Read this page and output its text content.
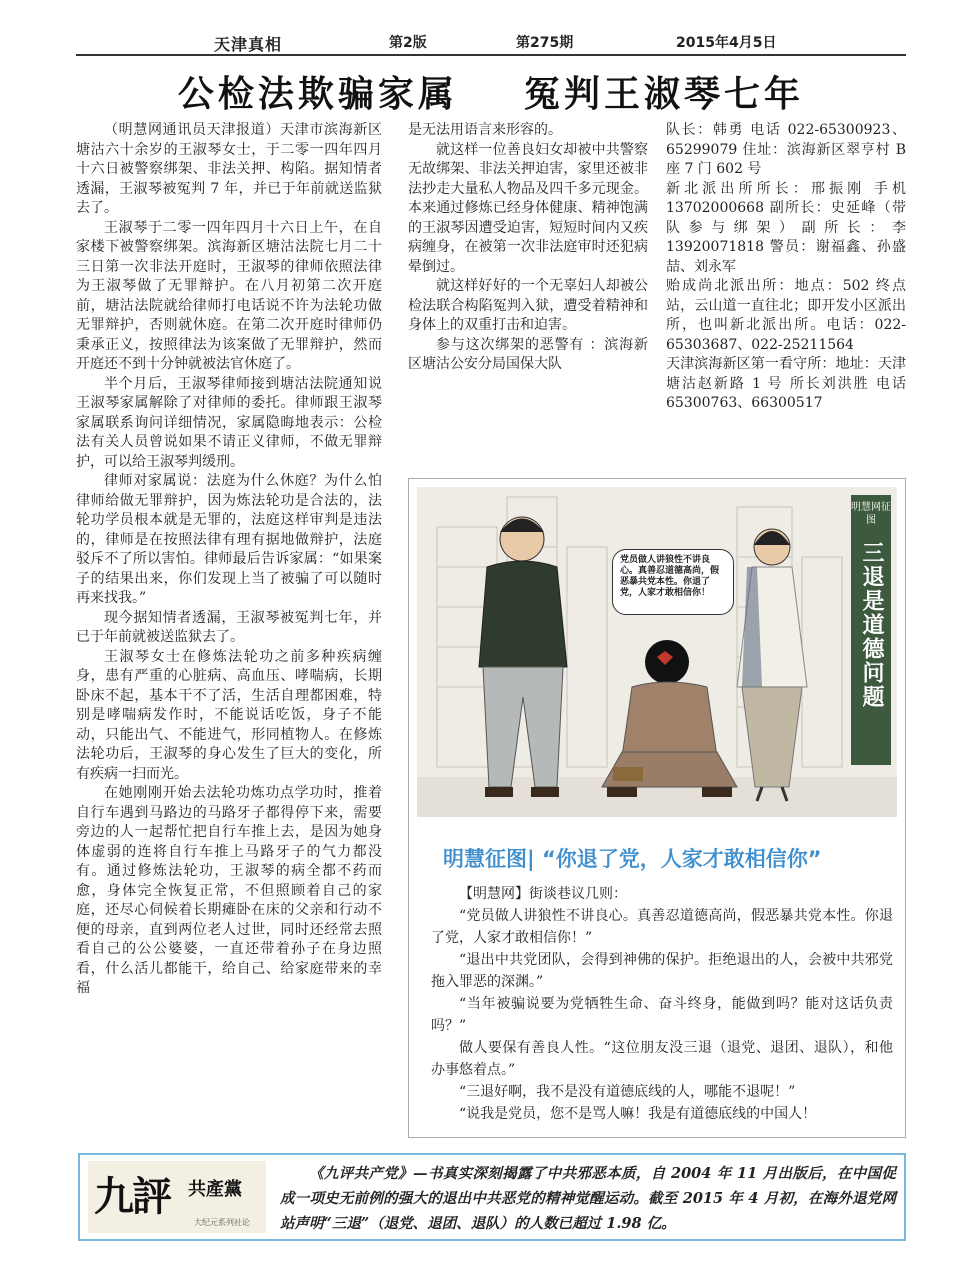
天津真相	第2版	第275期	2015年4月5日
公检法欺骗家属    冤判王淑琴七年

（明慧网通讯员天津报道）天津市滨海新区塘沽六十余岁的王淑琴女士，于二零一四年四月十六日被警察绑架、非法关押、构陷。据知情者透漏，王淑琴被冤判 7 年，并已于年前就送监狱去了。

王淑琴于二零一四年四月十六日上午，在自家楼下被警察绑架。滨海新区塘沽法院七月二十三日第一次非法开庭时，王淑琴的律师依照法律为王淑琴做了无罪辩护。在八月初第二次开庭前，塘沽法院就给律师打电话说不许为法轮功做无罪辩护，否则就休庭。在第二次开庭时律师仍秉承正义，按照律法为该案做了无罪辩护，然而开庭还不到十分钟就被法官休庭了。

半个月后，王淑琴律师接到塘沽法院通知说王淑琴家属解除了对律师的委托。律师跟王淑琴家属联系询问详细情况，家属隐晦地表示：公检法有关人员曾说如果不请正义律师，不做无罪辩护，可以给王淑琴判缓刑。

律师对家属说：法庭为什么休庭？为什么怕律师给做无罪辩护，因为炼法轮功是合法的，法轮功学员根本就是无罪的，法庭这样审判是违法的，律师是在按照法律有理有据地做辩护，法庭驳斥不了所以害怕。律师最后告诉家属：“如果案子的结果出来，你们发现上当了被骗了可以随时再来找我。”

现今据知情者透漏，王淑琴被冤判七年，并已于年前就被送监狱去了。

王淑琴女士在修炼法轮功之前多种疾病缠身，患有严重的心脏病、高血压、哮喘病，长期卧床不起，基本干不了活，生活自理都困难，特别是哮喘病发作时，不能说话吃饭，身子不能动，只能出气、不能进气，形同植物人。在修炼法轮功后，王淑琴的身心发生了巨大的变化，所有疾病一扫而光。

在她刚刚开始去法轮功炼功点学功时，推着自行车遇到马路边的马路牙子都得停下来，需要旁边的人一起帮忙把自行车推上去，是因为她身体虚弱的连将自行车推上马路牙子的气力都没有。通过修炼法轮功，王淑琴的病全都不药而愈，身体完全恢复正常，不但照顾着自己的家庭，还尽心伺候着长期瘫卧在床的父亲和行动不便的母亲，直到两位老人过世，同时还经常去照看自己的公公婆婆，一直还带着孙子在身边照看，什么活儿都能干，给自己、给家庭带来的幸福

是无法用语言来形容的。

就这样一位善良妇女却被中共警察无故绑架、非法关押迫害，家里还被非法抄走大量私人物品及四千多元现金。本来通过修炼已经身体健康、精神饱满的王淑琴因遭受迫害，短短时间内又疾病缠身，在被第一次非法庭审时还犯病晕倒过。

就这样好好的一个无辜妇人却被公检法联合构陷冤判入狱，遭受着精神和身体上的双重打击和迫害。

参与这次绑架的恶警有 ：滨海新区塘沽公安分局国保大队

队长：韩勇 电话 022-65300923、65299079 住址：滨海新区翠亨村 B 座 7 门 602 号

新北派出所所长：邢振刚 手机 13702000668 副所长：史延峰（带队参与绑架）副所长：李 13920071818 警员：谢福鑫、孙盛喆、刘永军

贻成尚北派出所：地点：502 终点站，云山道一直往北；即开发小区派出所，也叫新北派出所。电话：022-65303687、022-25211564

天津滨海新区第一看守所：地址：天津塘沽赵新路 1 号 所长刘洪胜 电话 65300763、66300517

党员做人讲狼性不讲良心。真善忍道德高尚，假恶暴共党本性。你退了党，人家才敢相信你！
明慧网征图
三退是道德问题
明慧征图| “你退了党，人家才敢相信你”

【明慧网】街谈巷议几则：

“党员做人讲狼性不讲良心。真善忍道德高尚，假恶暴共党本性。你退了党，人家才敢相信你！”

“退出中共党团队，会得到神佛的保护。拒绝退出的人，会被中共邪党拖入罪恶的深渊。”

“当年被骗说要为党牺牲生命、奋斗终身，能做到吗？能对这话负责吗？”

做人要保有善良人性。“这位朋友没三退（退党、退团、退队），和他办事悠着点。”

“三退好啊，我不是没有道德底线的人，哪能不退呢！”

“说我是党员，您不是骂人嘛！我是有道德底线的中国人！

九評 共產黨
大纪元系列社论
《九评共产党》—书真实深刻揭露了中共邪恶本质，自 2004 年 11 月出版后，在中国促成一项史无前例的强大的退出中共恶党的精神觉醒运动。截至 2015 年 4 月初，在海外退党网站声明“三退”（退党、退团、退队）的人数已超过 1.98 亿。
